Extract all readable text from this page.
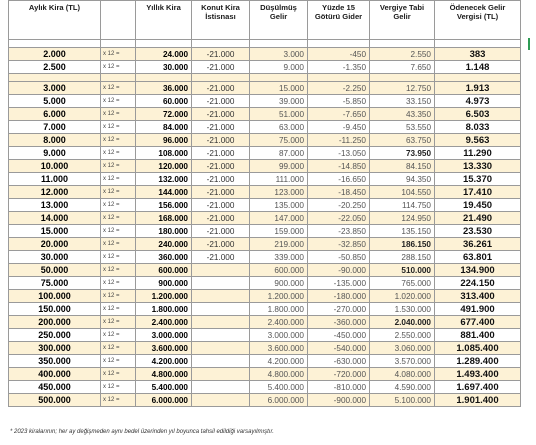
Aylık Kira (TL)		Yıllık Kira	Konut Kira İstisnası	Düşülmüş Gelir	Yüzde 15 Götürü Gider	Vergiye Tabi Gelir	Ödenecek Gelir Vergisi (TL)

2.000	x 12 =	24.000	-21.000	3.000	-450	2.550	383
2.500	x 12 =	30.000	-21.000	9.000	-1.350	7.650	1.148

3.000	x 12 =	36.000	-21.000	15.000	-2.250	12.750	1.913
5.000	x 12 =	60.000	-21.000	39.000	-5.850	33.150	4.973
6.000	x 12 =	72.000	-21.000	51.000	-7.650	43.350	6.503
7.000	x 12 =	84.000	-21.000	63.000	-9.450	53.550	8.033
8.000	x 12 =	96.000	-21.000	75.000	-11.250	63.750	9.563
9.000	x 12 =	108.000	-21.000	87.000	-13.050	73.950	11.290
10.000	x 12 =	120.000	-21.000	99.000	-14.850	84.150	13.330
11.000	x 12 =	132.000	-21.000	111.000	-16.650	94.350	15.370
12.000	x 12 =	144.000	-21.000	123.000	-18.450	104.550	17.410
13.000	x 12 =	156.000	-21.000	135.000	-20.250	114.750	19.450
14.000	x 12 =	168.000	-21.000	147.000	-22.050	124.950	21.490
15.000	x 12 =	180.000	-21.000	159.000	-23.850	135.150	23.530
20.000	x 12 =	240.000	-21.000	219.000	-32.850	186.150	36.261
30.000	x 12 =	360.000	-21.000	339.000	-50.850	288.150	63.801
50.000	x 12 =	600.000		600.000	-90.000	510.000	134.900
75.000	x 12 =	900.000		900.000	-135.000	765.000	224.150
100.000	x 12 =	1.200.000		1.200.000	-180.000	1.020.000	313.400
150.000	x 12 =	1.800.000		1.800.000	-270.000	1.530.000	491.900
200.000	x 12 =	2.400.000		2.400.000	-360.000	2.040.000	677.400
250.000	x 12 =	3.000.000		3.000.000	-450.000	2.550.000	881.400
300.000	x 12 =	3.600.000		3.600.000	-540.000	3.060.000	1.085.400
350.000	x 12 =	4.200.000		4.200.000	-630.000	3.570.000	1.289.400
400.000	x 12 =	4.800.000		4.800.000	-720.000	4.080.000	1.493.400
450.000	x 12 =	5.400.000		5.400.000	-810.000	4.590.000	1.697.400
500.000	x 12 =	6.000.000		6.000.000	-900.000	5.100.000	1.901.400
* 2023 kiralarının; her ay değişmeden aynı bedel üzerinden yıl boyunca tahsil edildiği varsayılmıştır.
